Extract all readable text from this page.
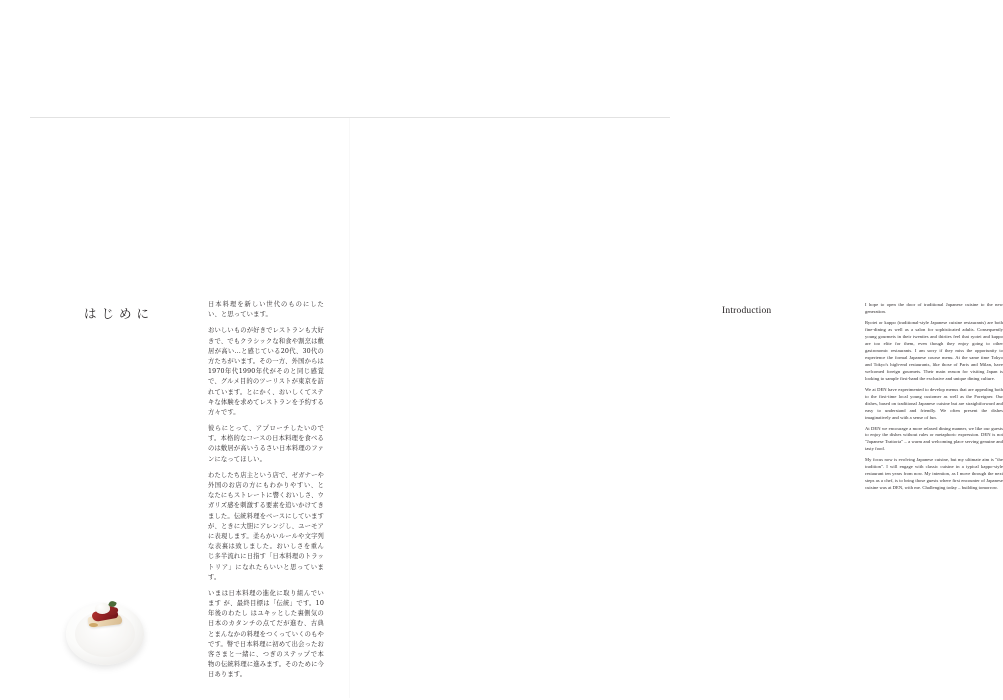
はじめに

日本料理を新しい世代のものにしたい、と思っています。

おいしいものが好きでレストランも大好きで、でもクラシックな和食や割烹は敷居が高い…と感じている20代、30代の方たちがいます。その一方、外国からは1970年代1990年代がそのと同じ感覚で、グルメ目的のツーリストが東京を訪れています。とにかく、おいしくてステキな体験を求めてレストランを予約する方々です。

彼らにとって、アプローチしたいのです。本格的なコースの日本料理を食べるのは敷居が高いうるさい日本料理のファンになってほしい。

わたしたち店主という店で、ゼガナーや外国のお店の方にもわかりやすい、となたにもストレートに響くおいしさ、ウガリズ感を刺激する要素を追いかけてきました。伝統料理をベースにしていますが、ときに大胆にアレンジし、ユーモアに表現します。柔らかいルールや文字列な表裏は致しました。おいしさを重んじ多半流れに日指す「日本料理のトラットリア」になれたらいいと思っています。

いまは日本料理の進化に取り組んでいます が、最終目標は「伝統」です。10年後のわたし はユキッとした裏側気の日本のカタンチの点てだが進む、古典とまんなかの料理をつくっていくのもやです。幣で日本料理に初めて出会ったお客さまと一緒に、つぎのステップで本物の伝統料理に進みます。そのために今日あります。

Introduction

I hope to open the door of traditional Japanese cuisine to the new generation.

Ryotei or kappo (traditional-style Japanese cuisine restaurants) are both fine-dining as well as a salon for sophisticated adults. Consequently young gourmets in their twenties and thirties feel that ryotei and kappo are too elite for them, even though they enjoy going to other gastronomic restaurants. I am sorry if they miss the opportunity to experience the formal Japanese course menu. At the same time Tokyo and Tokyo's high-end restaurants, like those of Paris and Milan, have welcomed foreign gourmets. Their main reason for visiting Japan is looking to sample first-hand the exclusive and unique dining culture.

We at DEN have experimented to develop menus that are appealing both to the first-time local young customer as well as the Foreigner. Our dishes, based on traditional Japanese cuisine but are straightforward and easy to understand and friendly. We often present the dishes imaginatively and with a sense of fun.

At DEN we encourage a more relaxed dining manner, we like our guests to enjoy the dishes without rules or metaphoric expression. DEN is not "Japanese Trattoria" – a warm and welcoming place serving genuine and tasty food.

My focus now is evolving Japanese cuisine, but my ultimate aim is "the tradition". I will engage with classic cuisine in a typical kappo-style restaurant ten years from now. My intention, as I move through the next steps as a chef, is to bring those guests where first encounter of Japanese cuisine was at DEN, with me. Challenging today – building tomorrow.
